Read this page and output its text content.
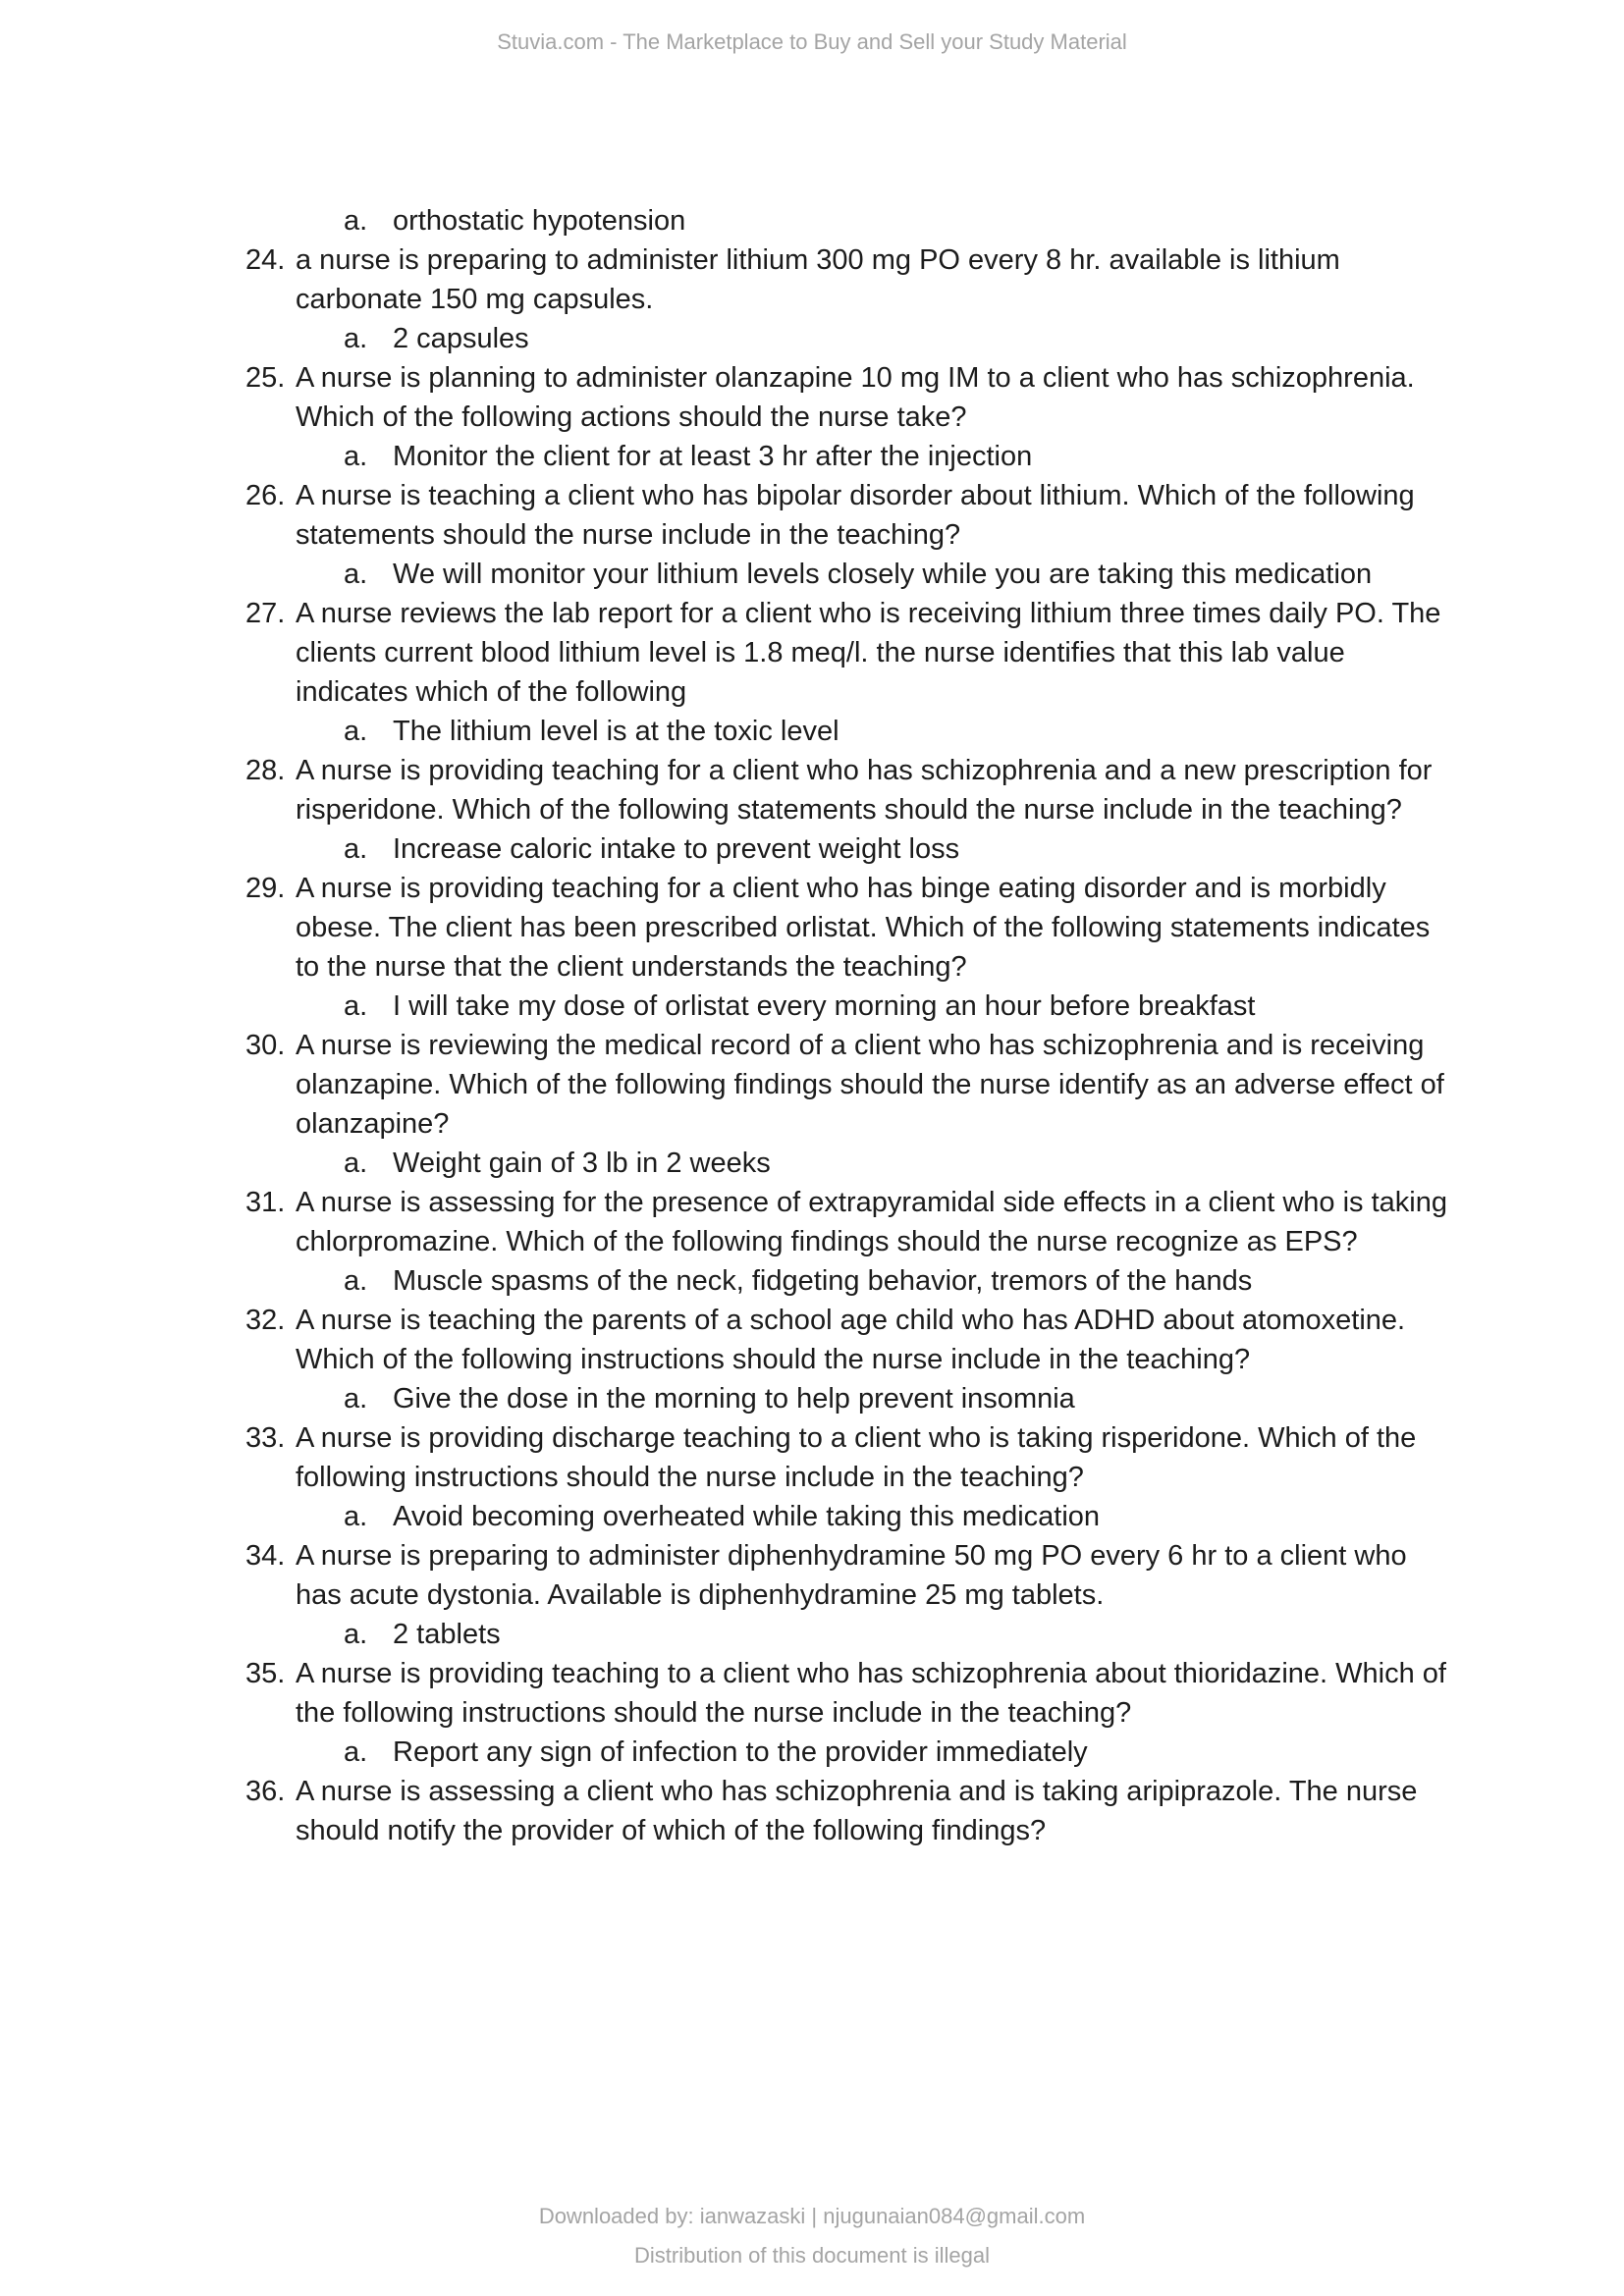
Stuvia.com - The Marketplace to Buy and Sell your Study Material
a. orthostatic hypotension
24. a nurse is preparing to administer lithium 300 mg PO every 8 hr. available is lithium carbonate 150 mg capsules.
a. 2 capsules
25. A nurse is planning to administer olanzapine 10 mg IM to a client who has schizophrenia. Which of the following actions should the nurse take?
a. Monitor the client for at least 3 hr after the injection
26. A nurse is teaching a client who has bipolar disorder about lithium. Which of the following statements should the nurse include in the teaching?
a. We will monitor your lithium levels closely while you are taking this medication
27. A nurse reviews the lab report for a client who is receiving lithium three times daily PO. The clients current blood lithium level is 1.8 meq/l. the nurse identifies that this lab value indicates which of the following
a. The lithium level is at the toxic level
28. A nurse is providing teaching for a client who has schizophrenia and a new prescription for risperidone. Which of the following statements should the nurse include in the teaching?
a. Increase caloric intake to prevent weight loss
29. A nurse is providing teaching for a client who has binge eating disorder and is morbidly obese. The client has been prescribed orlistat. Which of the following statements indicates to the nurse that the client understands the teaching?
a. I will take my dose of orlistat every morning an hour before breakfast
30. A nurse is reviewing the medical record of a client who has schizophrenia and is receiving olanzapine. Which of the following findings should the nurse identify as an adverse effect of olanzapine?
a. Weight gain of 3 lb in 2 weeks
31. A nurse is assessing for the presence of extrapyramidal side effects in a client who is taking chlorpromazine. Which of the following findings should the nurse recognize as EPS?
a. Muscle spasms of the neck, fidgeting behavior, tremors of the hands
32. A nurse is teaching the parents of a school age child who has ADHD about atomoxetine. Which of the following instructions should the nurse include in the teaching?
a. Give the dose in the morning to help prevent insomnia
33. A nurse is providing discharge teaching to a client who is taking risperidone. Which of the following instructions should the nurse include in the teaching?
a. Avoid becoming overheated while taking this medication
34. A nurse is preparing to administer diphenhydramine 50 mg PO every 6 hr to a client who has acute dystonia. Available is diphenhydramine 25 mg tablets.
a. 2 tablets
35. A nurse is providing teaching to a client who has schizophrenia about thioridazine. Which of the following instructions should the nurse include in the teaching?
a. Report any sign of infection to the provider immediately
36. A nurse is assessing a client who has schizophrenia and is taking aripiprazole. The nurse should notify the provider of which of the following findings?
Downloaded by: ianwazaski | njugunaian084@gmail.com
Distribution of this document is illegal
